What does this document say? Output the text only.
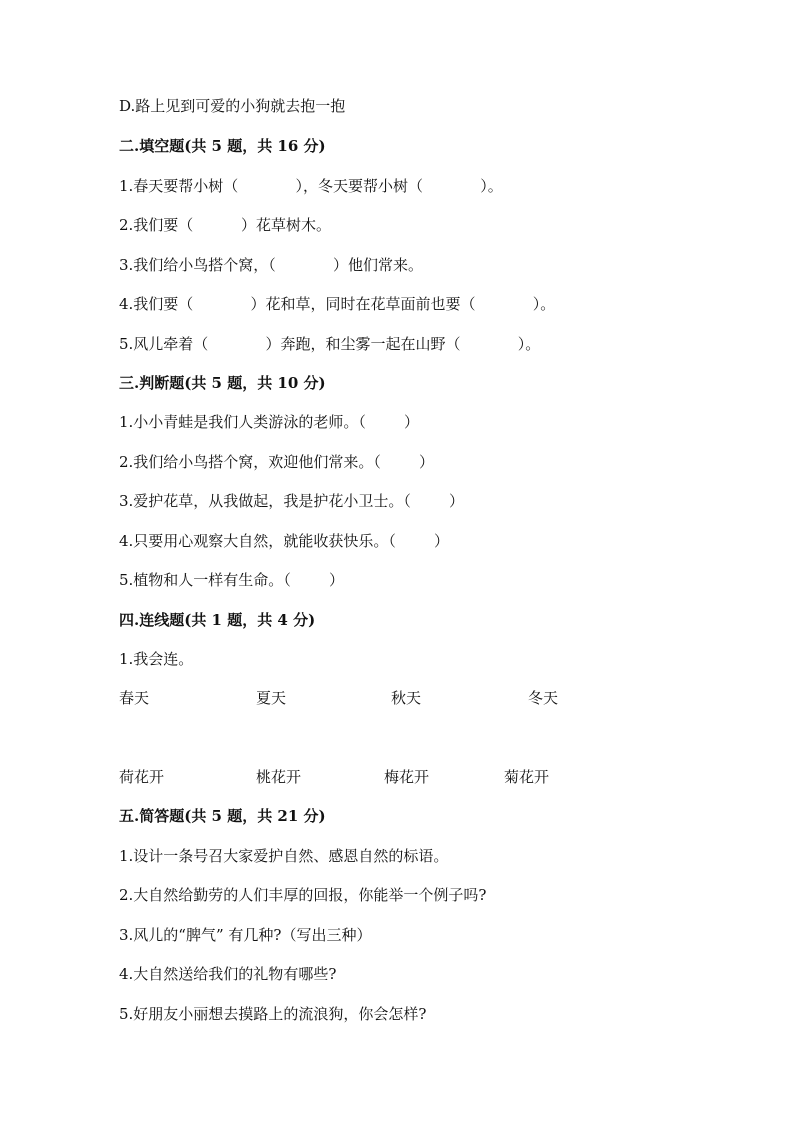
D.路上见到可爱的小狗就去抱一抱
二.填空题(共 5 题，共 16 分)
1.春天要帮小树（            ），冬天要帮小树（            ）。
2.我们要（          ）花草树木。
3.我们给小鸟搭个窝，（            ）他们常来。
4.我们要（            ）花和草，同时在花草面前也要（            ）。
5.风儿牵着（            ）奔跑，和尘雾一起在山野（            ）。
三.判断题(共 5 题，共 10 分)
1.小小青蛙是我们人类游泳的老师。（        ）
2.我们给小鸟搭个窝，欢迎他们常来。（        ）
3.爱护花草，从我做起，我是护花小卫士。（        ）
4.只要用心观察大自然，就能收获快乐。（        ）
5.植物和人一样有生命。（        ）
四.连线题(共 1 题，共 4 分)
1.我会连。
春天	夏天	秋天	冬天
荷花开	桃花开	梅花开	菊花开
五.简答题(共 5 题，共 21 分)
1.设计一条号召大家爱护自然、感恩自然的标语。
2.大自然给勤劳的人们丰厚的回报，你能举一个例子吗?
3.风儿的“脾气” 有几种?（写出三种）
4.大自然送给我们的礼物有哪些?
5.好朋友小丽想去摸路上的流浪狗，你会怎样?
